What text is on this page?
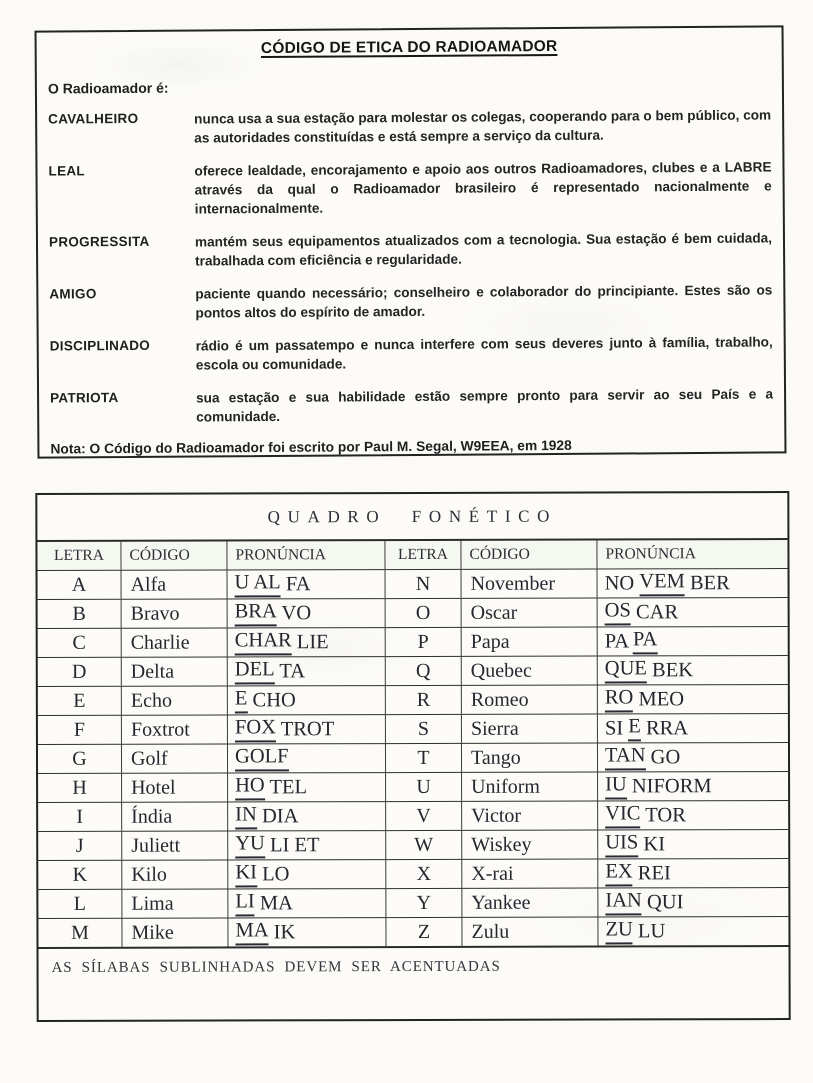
CÓDIGO DE ETICA DO RADIOAMADOR

O Radioamador é:

CAVALHEIRO	nunca usa a sua estação para molestar os colegas, cooperando para o bem público, com as autoridades constituídas e está sempre a serviço da cultura.
LEAL	oferece lealdade, encorajamento e apoio aos outros Radioamadores, clubes e a LABRE através da qual o Radioamador brasileiro é representado nacionalmente e internacionalmente.
PROGRESSITA	mantém seus equipamentos atualizados com a tecnologia. Sua estação é bem cuidada, trabalhada com eficiência e regularidade.
AMIGO	paciente quando necessário; conselheiro e colaborador do principiante. Estes são os pontos altos do espírito de amador.
DISCIPLINADO	rádio é um passatempo e nunca interfere com seus deveres junto à família, trabalho, escola ou comunidade.
PATRIOTA	sua estação e sua habilidade estão sempre pronto para servir ao seu País e a comunidade.

Nota: O Código do Radioamador foi escrito por Paul M. Segal, W9EEA, em 1928

QUADRO FONÉTICO
LETRA	CÓDIGO	PRONÚNCIA	LETRA	CÓDIGO	PRONÚNCIA
A	Alfa	U AL FA	N	November	NO VEM BER
B	Bravo	BRA VO	O	Oscar	OS CAR
C	Charlie	CHAR LIE	P	Papa	PA PA
D	Delta	DEL TA	Q	Quebec	QUE BEK
E	Echo	E CHO	R	Romeo	RO MEO
F	Foxtrot	FOX TROT	S	Sierra	SI E RRA
G	Golf	GOLF	T	Tango	TAN GO
H	Hotel	HO TEL	U	Uniform	IU NIFORM
I	Índia	IN DIA	V	Victor	VIC TOR
J	Juliett	YU LI ET	W	Wiskey	UIS KI
K	Kilo	KI LO	X	X-rai	EX REI
L	Lima	LI MA	Y	Yankee	IAN QUI
M	Mike	MA IK	Z	Zulu	ZU LU

AS SÍLABAS SUBLINHADAS DEVEM SER ACENTUADAS
